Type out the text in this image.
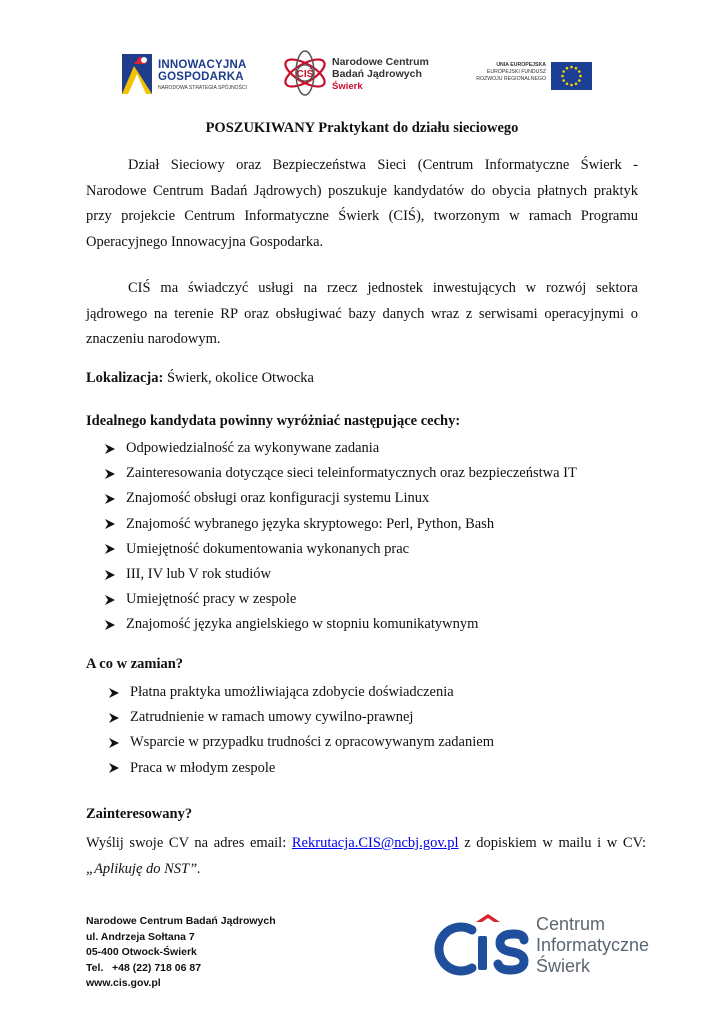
INNOWACYJNA
GOSPODARKA
NARODOWA STRATEGIA SPÓJNOŚCI
CIŚ
Narodowe Centrum
Badań Jądrowych
Świerk
UNIA EUROPEJSKA
EUROPEJSKI FUNDUSZ
ROZWOJU REGIONALNEGO
POSZUKIWANY Praktykant do działu sieciowego
Dział Sieciowy oraz Bezpieczeństwa Sieci (Centrum Informatyczne Świerk - Narodowe Centrum Badań Jądrowych) poszukuje kandydatów do obycia płatnych praktyk przy projekcie Centrum Informatyczne Świerk (CIŚ), tworzonym w ramach Programu Operacyjnego Innowacyjna Gospodarka.
CIŚ ma świadczyć usługi na rzecz jednostek inwestujących w rozwój sektora jądrowego na terenie RP oraz obsługiwać bazy danych wraz z serwisami operacyjnymi o znaczeniu narodowym.
Lokalizacja: Świerk, okolice Otwocka
Idealnego kandydata powinny wyróżniać następujące cechy:
Odpowiedzialność za wykonywane zadania
Zainteresowania dotyczące sieci teleinformatycznych oraz bezpieczeństwa IT
Znajomość obsługi oraz konfiguracji systemu Linux
Znajomość wybranego języka skryptowego: Perl, Python, Bash
Umiejętność dokumentowania wykonanych prac
III, IV lub V rok studiów
Umiejętność pracy w zespole
Znajomość języka angielskiego w stopniu komunikatywnym
A co w zamian?
Płatna praktyka umożliwiająca zdobycie doświadczenia
Zatrudnienie w ramach umowy cywilno-prawnej
Wsparcie w przypadku trudności z opracowywanym zadaniem
Praca w młodym zespole
Zainteresowany?
Wyślij swoje CV na adres email: Rekrutacja.CIS@ncbj.gov.pl z dopiskiem w mailu i w CV: „Aplikuję do NST”.
Narodowe Centrum Badań Jądrowych
ul. Andrzeja Sołtana 7
05-400 Otwock-Świerk
Tel. +48 (22) 718 06 87
www.cis.gov.pl
Centrum
Informatyczne
Świerk
